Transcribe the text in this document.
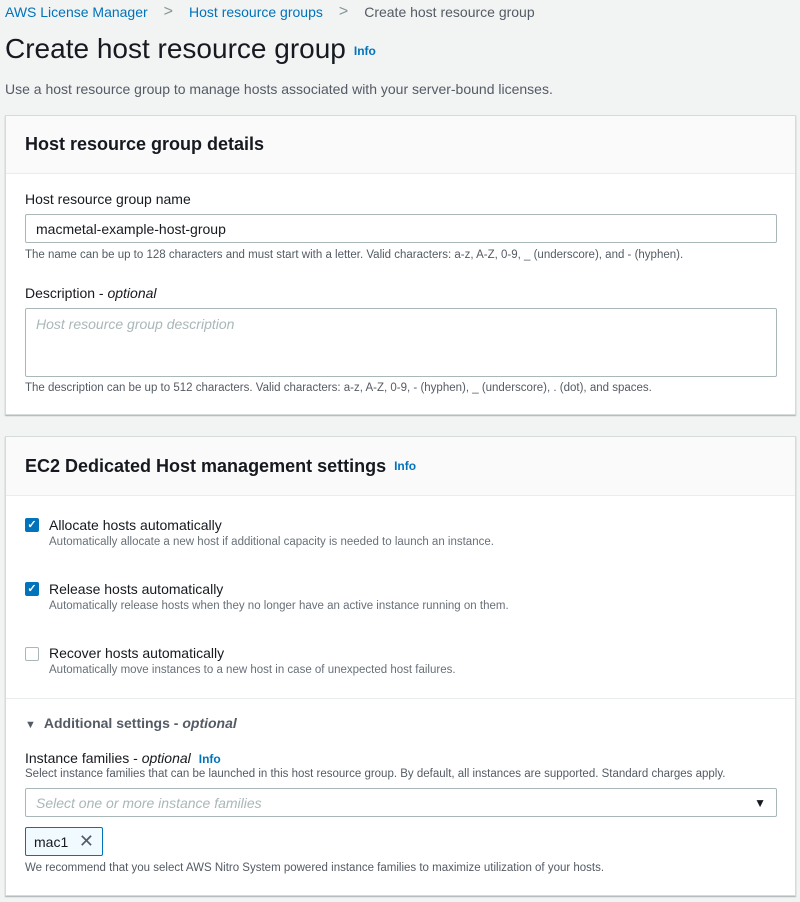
AWS License Manager > Host resource groups > Create host resource group
Create host resource group Info
Use a host resource group to manage hosts associated with your server-bound licenses.
Host resource group details
Host resource group name
macmetal-example-host-group
The name can be up to 128 characters and must start with a letter. Valid characters: a-z, A-Z, 0-9, _ (underscore), and - (hyphen).
Description - optional
Host resource group description
The description can be up to 512 characters. Valid characters: a-z, A-Z, 0-9, - (hyphen), _ (underscore), . (dot), and spaces.
EC2 Dedicated Host management settings Info
✓ Allocate hosts automatically
Automatically allocate a new host if additional capacity is needed to launch an instance.
✓ Release hosts automatically
Automatically release hosts when they no longer have an active instance running on them.
Recover hosts automatically
Automatically move instances to a new host in case of unexpected host failures.
▼ Additional settings - optional
Instance families - optional Info
Select instance families that can be launched in this host resource group. By default, all instances are supported. Standard charges apply.
Select one or more instance families	▼
mac1 ✕
We recommend that you select AWS Nitro System powered instance families to maximize utilization of your hosts.
